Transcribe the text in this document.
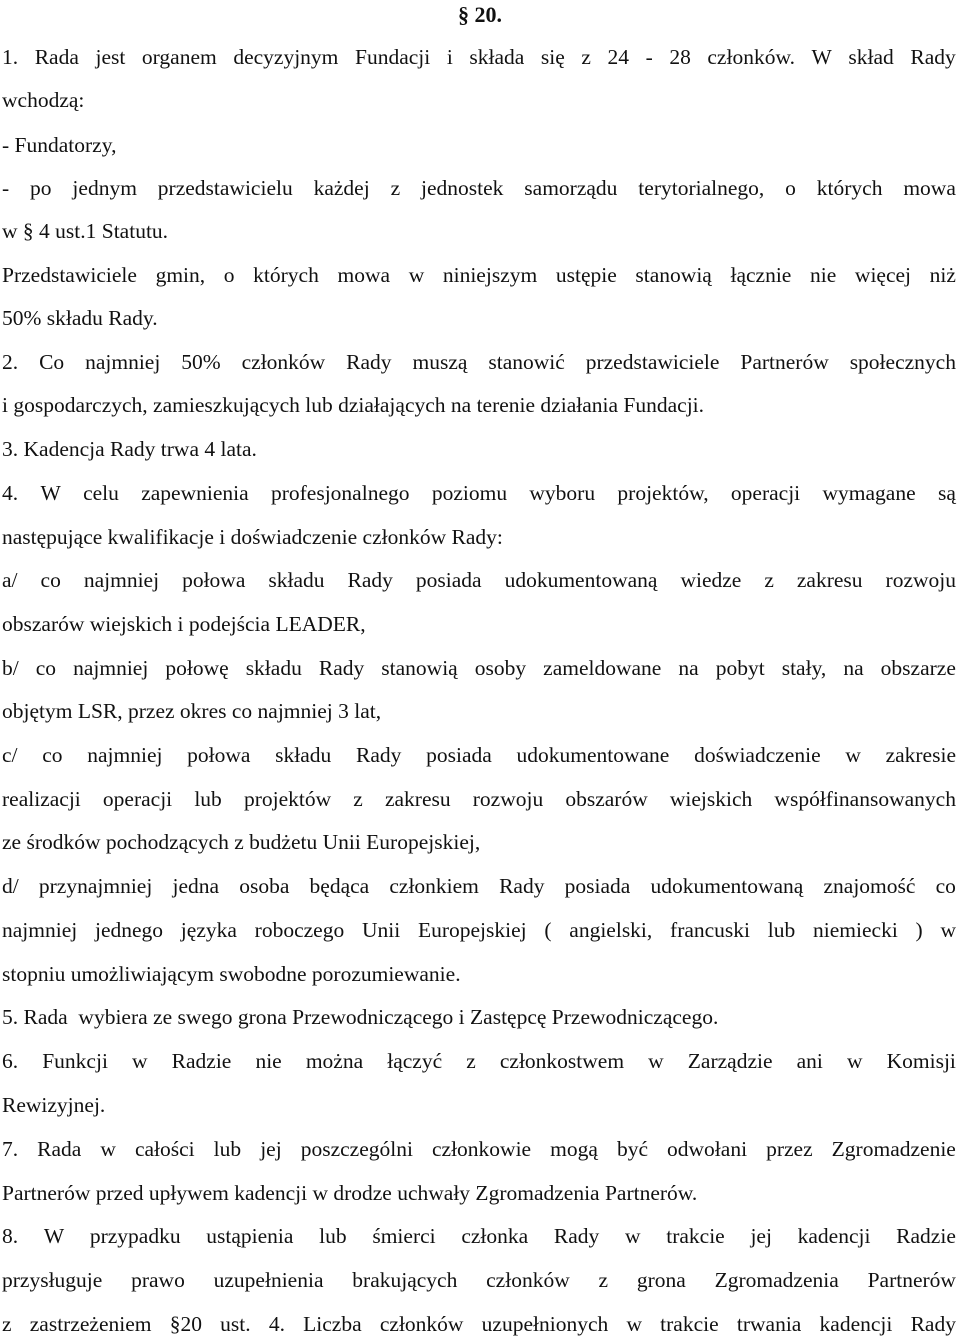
§ 20.
1. Rada jest organem decyzyjnym Fundacji i składa się z 24 - 28 członków. W skład Rady
wchodzą:
- Fundatorzy,
- po jednym przedstawicielu każdej z jednostek samorządu terytorialnego, o których mowa
w § 4 ust.1 Statutu.
Przedstawiciele gmin, o których mowa w niniejszym ustępie stanowią łącznie nie więcej niż
50% składu Rady.
2. Co najmniej 50% członków Rady muszą stanowić przedstawiciele Partnerów społecznych
i gospodarczych, zamieszkujących lub działających na terenie działania Fundacji.
3. Kadencja Rady trwa 4 lata.
4. W celu zapewnienia profesjonalnego poziomu wyboru projektów, operacji wymagane są
następujące kwalifikacje i doświadczenie członków Rady:
a/ co najmniej połowa składu Rady posiada udokumentowaną wiedze z zakresu rozwoju
obszarów wiejskich i podejścia LEADER,
b/ co najmniej połowę składu Rady stanowią osoby zameldowane na pobyt stały, na obszarze
objętym LSR, przez okres co najmniej 3 lat,
c/ co najmniej połowa składu Rady posiada udokumentowane doświadczenie w zakresie
realizacji operacji lub projektów z zakresu rozwoju obszarów wiejskich współfinansowanych
ze środków pochodzących z budżetu Unii Europejskiej,
d/ przynajmniej jedna osoba będąca członkiem Rady posiada udokumentowaną znajomość co
najmniej jednego języka roboczego Unii Europejskiej ( angielski, francuski lub niemiecki ) w
stopniu umożliwiającym swobodne porozumiewanie.
5. Rada  wybiera ze swego grona Przewodniczącego i Zastępcę Przewodniczącego.
6. Funkcji w Radzie nie można łączyć z członkostwem w Zarządzie ani w Komisji
Rewizyjnej.
7. Rada w całości lub jej poszczególni członkowie mogą być odwołani przez Zgromadzenie
Partnerów przed upływem kadencji w drodze uchwały Zgromadzenia Partnerów.
8. W przypadku ustąpienia lub śmierci członka Rady w trakcie jej kadencji Radzie
przysługuje prawo uzupełnienia brakujących członków z grona Zgromadzenia Partnerów
z zastrzeżeniem §20 ust. 4. Liczba członków uzupełnionych w trakcie trwania kadencji Rady
